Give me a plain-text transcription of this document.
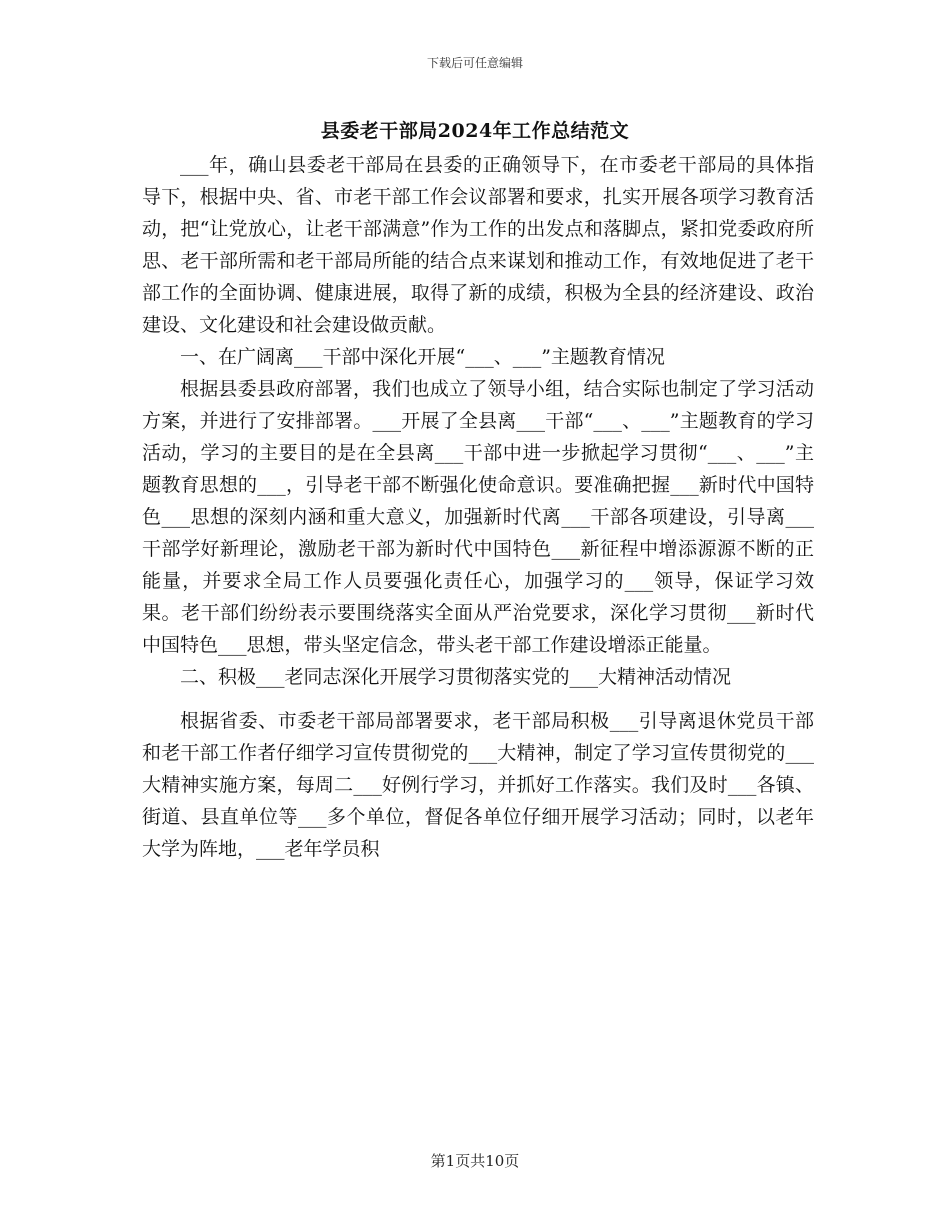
下载后可任意编辑
县委老干部局2024年工作总结范文

___年，确山县委老干部局在县委的正确领导下，在市委老干部局的具体指导下，根据中央、省、市老干部工作会议部署和要求，扎实开展各项学习教育活动，把“让党放心，让老干部满意”作为工作的出发点和落脚点，紧扣党委政府所思、老干部所需和老干部局所能的结合点来谋划和推动工作，有效地促进了老干部工作的全面协调、健康进展，取得了新的成绩，积极为全县的经济建设、政治建设、文化建设和社会建设做贡献。

一、在广阔离___干部中深化开展“___、___”主题教育情况

根据县委县政府部署，我们也成立了领导小组，结合实际也制定了学习活动方案，并进行了安排部署。___开展了全县离___干部“___、___”主题教育的学习活动，学习的主要目的是在全县离___干部中进一步掀起学习贯彻“___、___”主题教育思想的___，引导老干部不断强化使命意识。要准确把握___新时代中国特色___思想的深刻内涵和重大意义，加强新时代离___干部各项建设，引导离___干部学好新理论，激励老干部为新时代中国特色___新征程中增添源源不断的正能量，并要求全局工作人员要强化责任心，加强学习的___领导，保证学习效果。老干部们纷纷表示要围绕落实全面从严治党要求，深化学习贯彻___新时代中国特色___思想，带头坚定信念，带头老干部工作建设增添正能量。

二、积极___老同志深化开展学习贯彻落实党的___大精神活动情况

根据省委、市委老干部局部署要求，老干部局积极___引导离退休党员干部和老干部工作者仔细学习宣传贯彻党的___大精神，制定了学习宣传贯彻党的___大精神实施方案，每周二___好例行学习，并抓好工作落实。我们及时___各镇、街道、县直单位等___多个单位，督促各单位仔细开展学习活动；同时，以老年大学为阵地，___老年学员积

第1页共10页
